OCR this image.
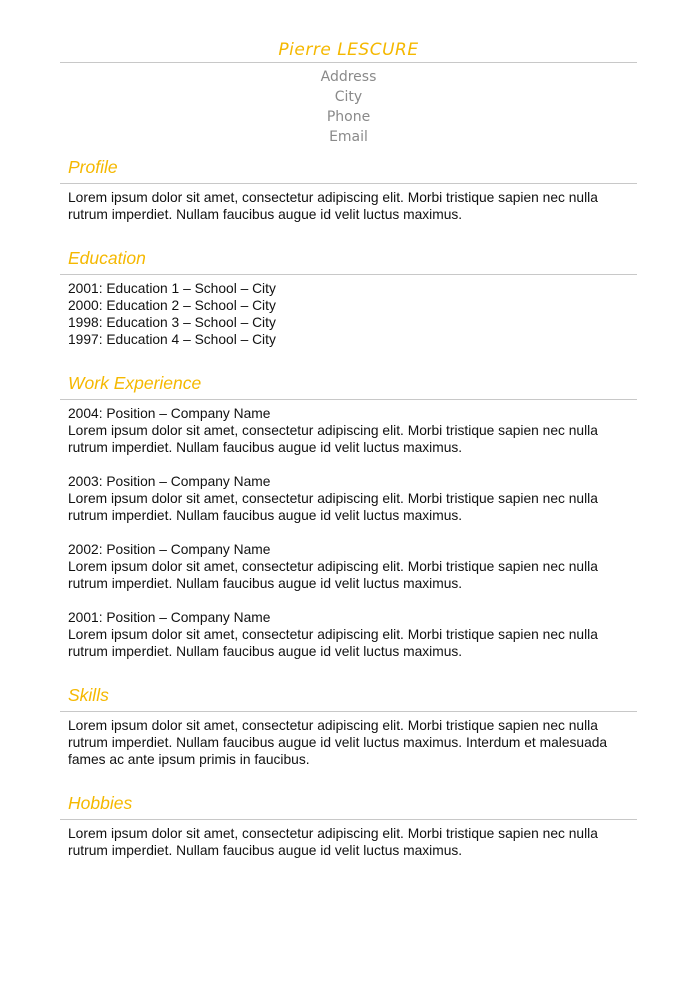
Pierre LESCURE
Address
City
Phone
Email
Profile
Lorem ipsum dolor sit amet, consectetur adipiscing elit. Morbi tristique sapien nec nulla
rutrum imperdiet. Nullam faucibus augue id velit luctus maximus.
Education
2001: Education 1 – School – City
2000: Education 2 – School – City
1998: Education 3 – School – City
1997: Education 4 – School – City
Work Experience
2004: Position – Company Name
Lorem ipsum dolor sit amet, consectetur adipiscing elit. Morbi tristique sapien nec nulla
rutrum imperdiet. Nullam faucibus augue id velit luctus maximus.
2003: Position – Company Name
Lorem ipsum dolor sit amet, consectetur adipiscing elit. Morbi tristique sapien nec nulla
rutrum imperdiet. Nullam faucibus augue id velit luctus maximus.
2002: Position – Company Name
Lorem ipsum dolor sit amet, consectetur adipiscing elit. Morbi tristique sapien nec nulla
rutrum imperdiet. Nullam faucibus augue id velit luctus maximus.
2001: Position – Company Name
Lorem ipsum dolor sit amet, consectetur adipiscing elit. Morbi tristique sapien nec nulla
rutrum imperdiet. Nullam faucibus augue id velit luctus maximus.
Skills
Lorem ipsum dolor sit amet, consectetur adipiscing elit. Morbi tristique sapien nec nulla
rutrum imperdiet. Nullam faucibus augue id velit luctus maximus. Interdum et malesuada
fames ac ante ipsum primis in faucibus.
Hobbies
Lorem ipsum dolor sit amet, consectetur adipiscing elit. Morbi tristique sapien nec nulla
rutrum imperdiet. Nullam faucibus augue id velit luctus maximus.
